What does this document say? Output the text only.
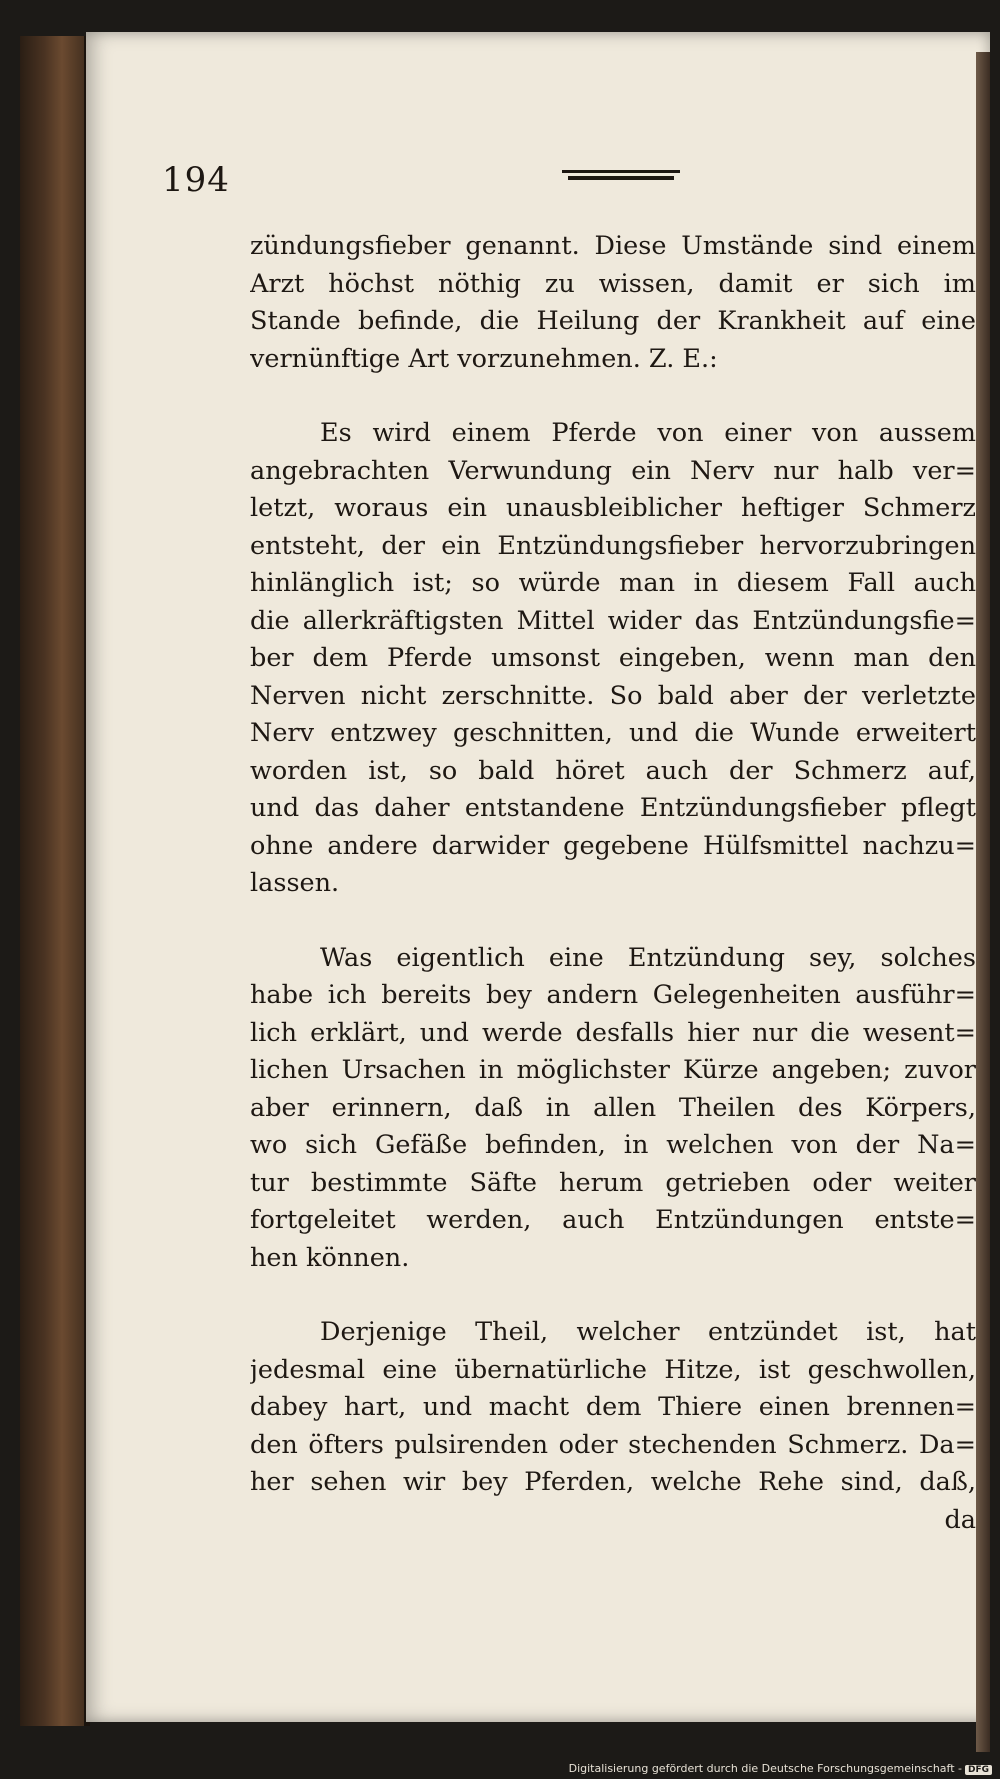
194
zündungsfieber genannt. Diese Umstände sind einem
Arzt höchst nöthig zu wissen, damit er sich im
Stande befinde, die Heilung der Krankheit auf eine
vernünftige Art vorzunehmen. Z. E.:
Es wird einem Pferde von einer von aussem
angebrachten Verwundung ein Nerv nur halb ver=
letzt, woraus ein unausbleiblicher heftiger Schmerz
entsteht, der ein Entzündungsfieber hervorzubringen
hinlänglich ist; so würde man in diesem Fall auch
die allerkräftigsten Mittel wider das Entzündungsfie=
ber dem Pferde umsonst eingeben, wenn man den
Nerven nicht zerschnitte. So bald aber der verletzte
Nerv entzwey geschnitten, und die Wunde erweitert
worden ist, so bald höret auch der Schmerz auf,
und das daher entstandene Entzündungsfieber pflegt
ohne andere darwider gegebene Hülfsmittel nachzu=
lassen.
Was eigentlich eine Entzündung sey, solches
habe ich bereits bey andern Gelegenheiten ausführ=
lich erklärt, und werde desfalls hier nur die wesent=
lichen Ursachen in möglichster Kürze angeben; zuvor
aber erinnern, daß in allen Theilen des Körpers,
wo sich Gefäße befinden, in welchen von der Na=
tur bestimmte Säfte herum getrieben oder weiter
fortgeleitet werden, auch Entzündungen entste=
hen können.
Derjenige Theil, welcher entzündet ist, hat
jedesmal eine übernatürliche Hitze, ist geschwollen,
dabey hart, und macht dem Thiere einen brennen=
den öfters pulsirenden oder stechenden Schmerz. Da=
her sehen wir bey Pferden, welche Rehe sind, daß,
da
Digitalisierung gefördert durch die Deutsche Forschungsgemeinschaft - DFG
